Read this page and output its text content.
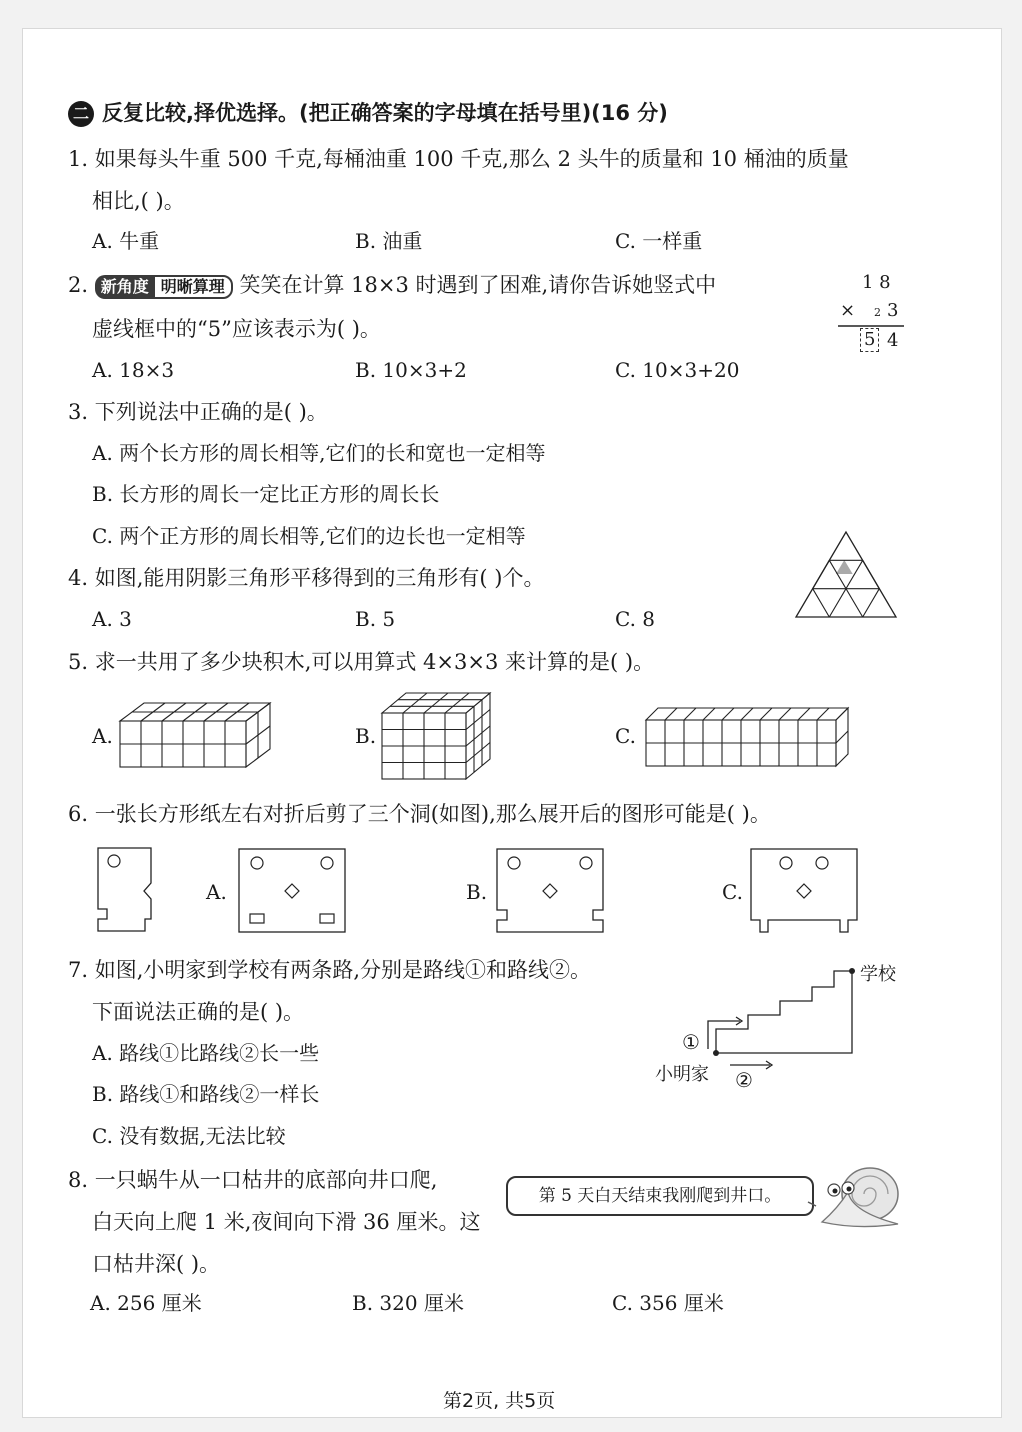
二 反复比较,择优选择。(把正确答案的字母填在括号里)(16 分)
1. 如果每头牛重 500 千克,每桶油重 100 千克,那么 2 头牛的质量和 10 桶油的质量
相比,( )。
A. 牛重	B. 油重	C. 一样重
2. 新角度 明晰算理 笑笑在计算 18×3 时遇到了困难,请你告诉她竖式中
虚线框中的“5”应该表示为( )。
A. 18×3	B. 10×3+2	C. 10×3+20
1 8
× 2 3
5 4
3. 下列说法中正确的是( )。
A. 两个长方形的周长相等,它们的长和宽也一定相等
B. 长方形的周长一定比正方形的周长长
C. 两个正方形的周长相等,它们的边长也一定相等
4. 如图,能用阴影三角形平移得到的三角形有( )个。
A. 3	B. 5	C. 8
5. 求一共用了多少块积木,可以用算式 4×3×3 来计算的是( )。
A.	B.	C.
6. 一张长方形纸左右对折后剪了三个洞(如图),那么展开后的图形可能是( )。
A.	B.	C.
7. 如图,小明家到学校有两条路,分别是路线①和路线②。
下面说法正确的是( )。
A. 路线①比路线②长一些
B. 路线①和路线②一样长
C. 没有数据,无法比较
学校
①
小明家 ②
8. 一只蜗牛从一口枯井的底部向井口爬,
白天向上爬 1 米,夜间向下滑 36 厘米。这
口枯井深( )。
第 5 天白天结束我刚爬到井口。
A. 256 厘米	B. 320 厘米	C. 356 厘米
第2页, 共5页
